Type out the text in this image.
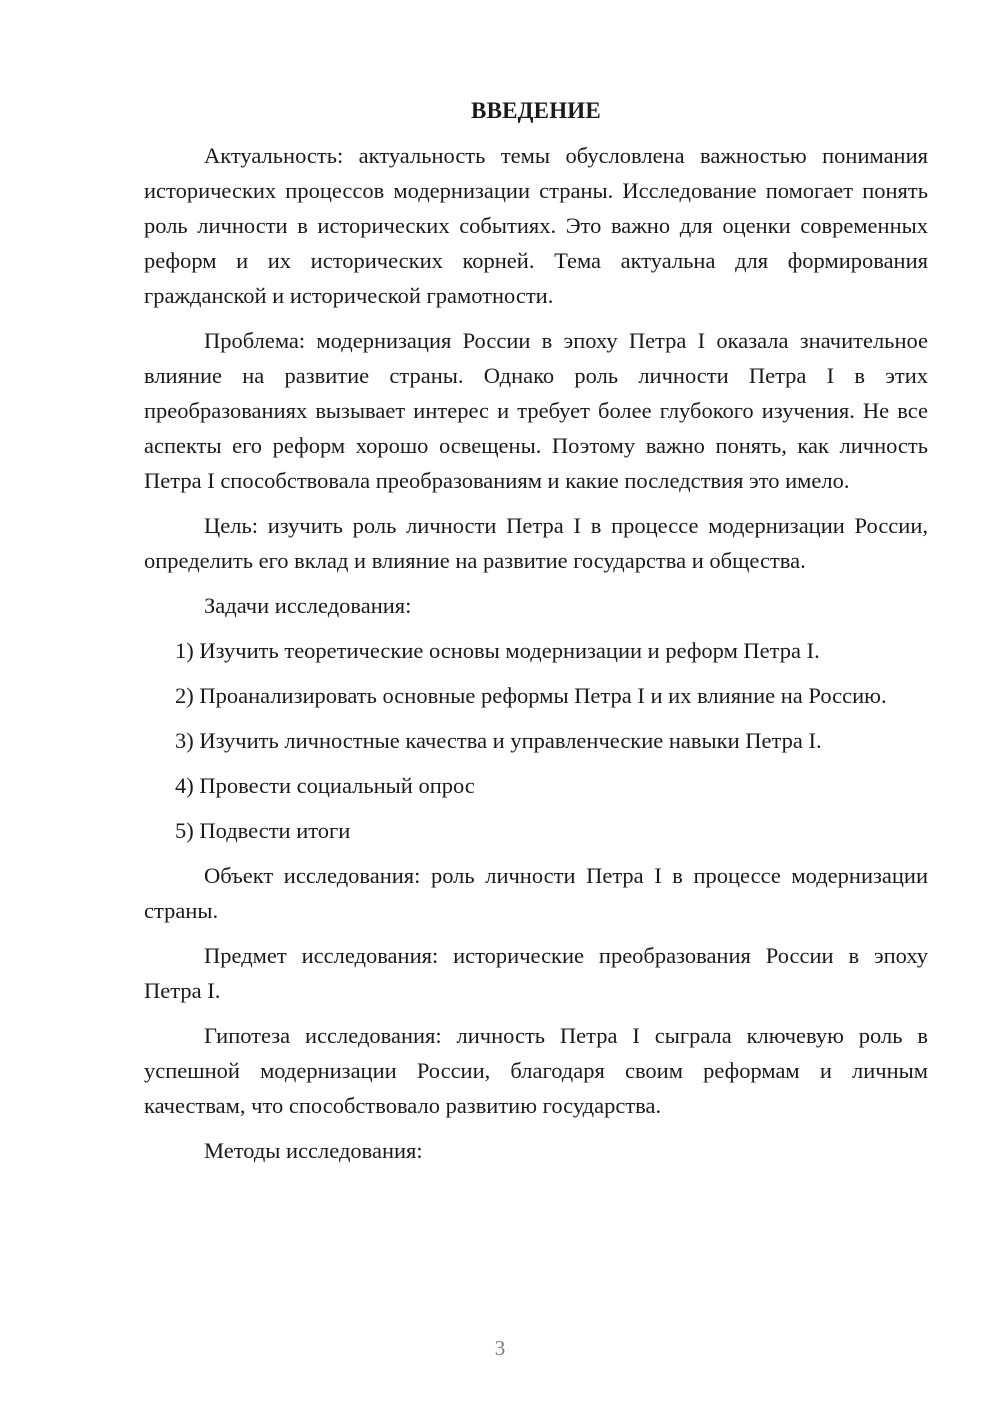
ВВЕДЕНИЕ

Актуальность: актуальность темы обусловлена важностью понимания исторических процессов модернизации страны. Исследование помогает понять роль личности в исторических событиях. Это важно для оценки современных реформ и их исторических корней. Тема актуальна для формирования гражданской и исторической грамотности.

Проблема: модернизация России в эпоху Петра I оказала значительное влияние на развитие страны. Однако роль личности Петра I в этих преобразованиях вызывает интерес и требует более глубокого изучения. Не все аспекты его реформ хорошо освещены. Поэтому важно понять, как личность Петра I способствовала преобразованиям и какие последствия это имело.

Цель: изучить роль личности Петра I в процессе модернизации России, определить его вклад и влияние на развитие государства и общества.

Задачи исследования:

1) Изучить теоретические основы модернизации и реформ Петра I.

2) Проанализировать основные реформы Петра I и их влияние на Россию.

3) Изучить личностные качества и управленческие навыки Петра I.

4) Провести социальный опрос

5) Подвести итоги

Объект исследования: роль личности Петра I в процессе модернизации страны.

Предмет исследования: исторические преобразования России в эпоху Петра I.

Гипотеза исследования: личность Петра I сыграла ключевую роль в успешной модернизации России, благодаря своим реформам и личным качествам, что способствовало развитию государства.

Методы исследования:

3
